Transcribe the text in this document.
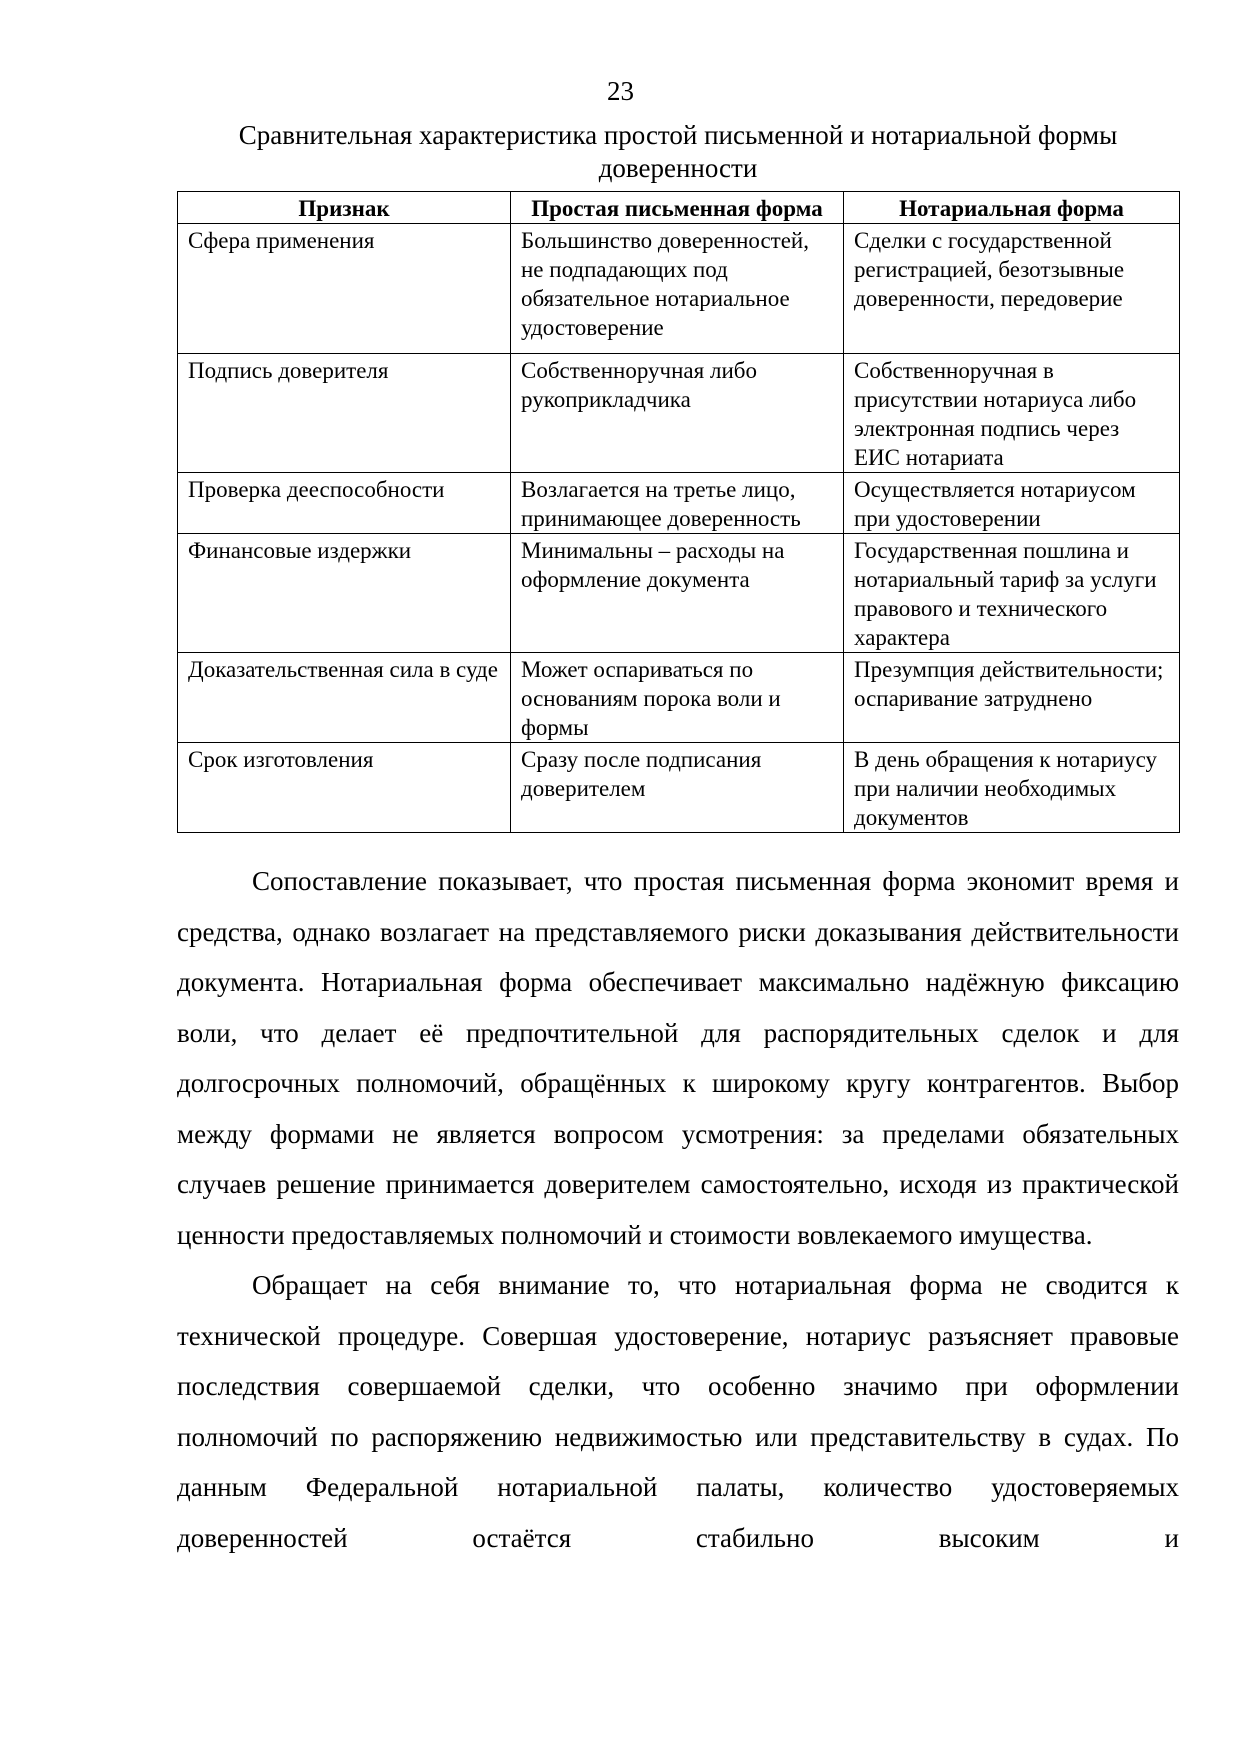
23
Сравнительная характеристика простой письменной и нотариальной формы доверенности
Признак	Простая письменная форма	Нотариальная форма
Сфера применения	Большинство доверенностей, не подпадающих под обязательное нотариальное удостоверение	Сделки с государственной регистрацией, безотзывные доверенности, передоверие
Подпись доверителя	Собственноручная либо рукоприкладчика	Собственноручная в присутствии нотариуса либо электронная подпись через ЕИС нотариата
Проверка дееспособности	Возлагается на третье лицо, принимающее доверенность	Осуществляется нотариусом при удостоверении
Финансовые издержки	Минимальны – расходы на оформление документа	Государственная пошлина и нотариальный тариф за услуги правового и технического характера
Доказательственная сила в суде	Может оспариваться по основаниям порока воли и формы	Презумпция действительности; оспаривание затруднено
Срок изготовления	Сразу после подписания доверителем	В день обращения к нотариусу при наличии необходимых документов

Сопоставление показывает, что простая письменная форма экономит время и средства, однако возлагает на представляемого риски доказывания действительности документа. Нотариальная форма обеспечивает максимально надёжную фиксацию воли, что делает её предпочтительной для распорядительных сделок и для долгосрочных полномочий, обращённых к широкому кругу контрагентов. Выбор между формами не является вопросом усмотрения: за пределами обязательных случаев решение принимается доверителем самостоятельно, исходя из практической ценности предоставляемых полномочий и стоимости вовлекаемого имущества.

Обращает на себя внимание то, что нотариальная форма не сводится к технической процедуре. Совершая удостоверение, нотариус разъясняет правовые последствия совершаемой сделки, что особенно значимо при оформлении полномочий по распоряжению недвижимостью или представительству в судах. По данным Федеральной нотариальной палаты, количество удостоверяемых доверенностей остаётся стабильно высоким и
